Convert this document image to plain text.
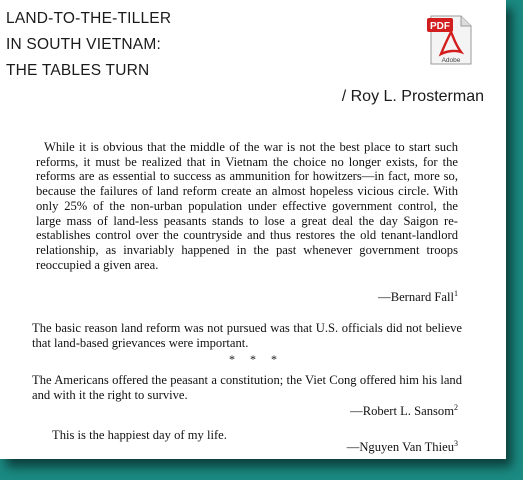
LAND-TO-THE-TILLER
IN SOUTH VIETNAM:
THE TABLES TURN
PDF
Adobe
/ Roy L. Prosterman

While it is obvious that the middle of the war is not the best place to start such reforms, it must be realized that in Vietnam the choice no longer exists, for the reforms are as essential to success as ammunition for howitzers—in fact, more so, because the failures of land reform create an almost hopeless vicious circle. With only 25% of the non-urban population under effective government control, the large mass of land-less peasants stands to lose a great deal the day Saigon re-establishes control over the countryside and thus restores the old tenant-landlord relationship, as invariably happened in the past whenever government troops reoccupied a given area.

—Bernard Fall$^1$

The basic reason land reform was not pursued was that U.S. officials did not believe that land-based grievances were important.

* * *

The Americans offered the peasant a constitution; the Viet Cong offered him his land and with it the right to survive.

—Robert L. Sansom$^2$
This is the happiest day of my life.
—Nguyen Van Thieu$^3$
